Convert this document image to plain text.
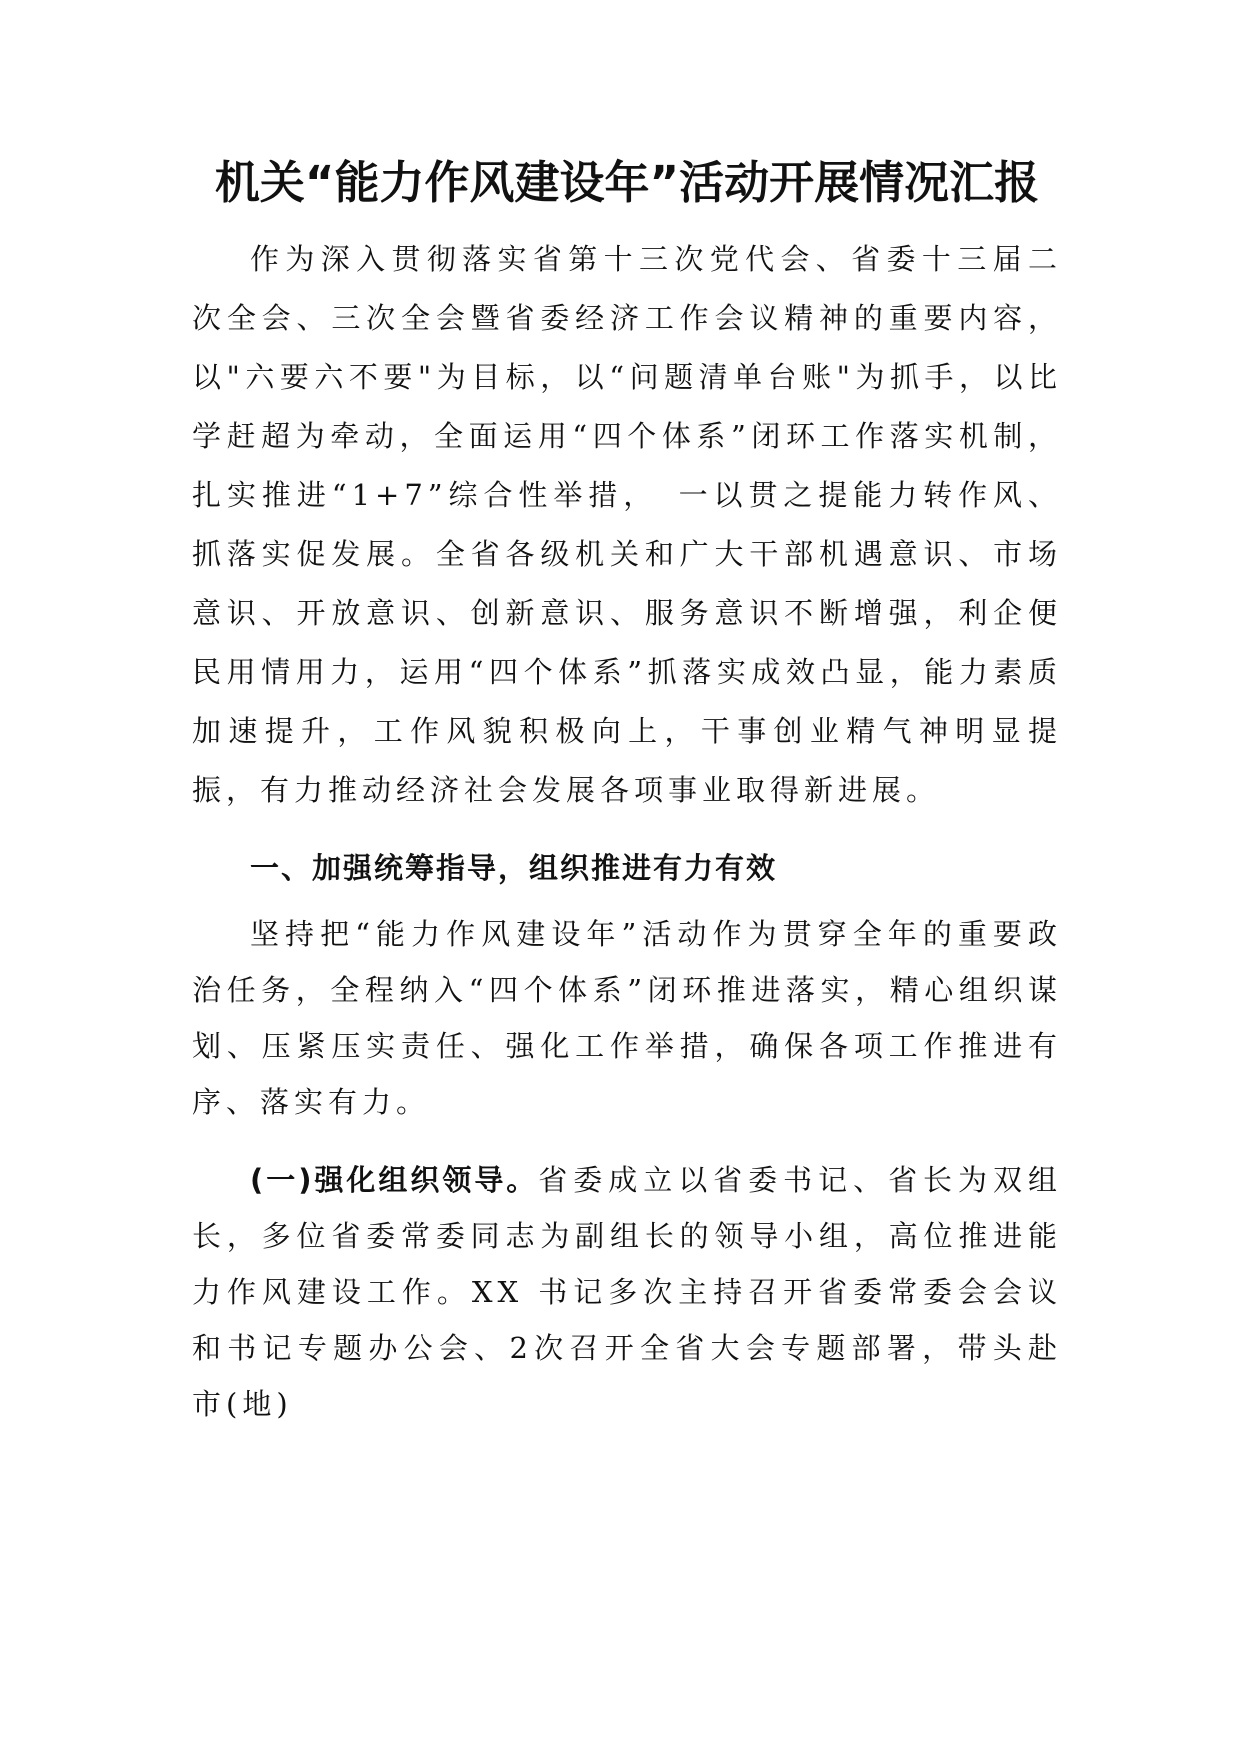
机关“能力作风建设年”活动开展情况汇报

作为深入贯彻落实省第十三次党代会、省委十三届二次全会、三次全会暨省委经济工作会议精神的重要内容，以"六要六不要"为目标，以“问题清单台账"为抓手，以比学赶超为牵动，全面运用“四个体系”闭环工作落实机制，扎实推进“1+7”综合性举措，　一以贯之提能力转作风、抓落实促发展。全省各级机关和广大干部机遇意识、市场意识、开放意识、创新意识、服务意识不断增强，利企便民用情用力，运用“四个体系”抓落实成效凸显，能力素质加速提升，工作风貌积极向上，干事创业精气神明显提振，有力推动经济社会发展各项事业取得新进展。

一、加强统筹指导，组织推进有力有效

坚持把“能力作风建设年”活动作为贯穿全年的重要政治任务，全程纳入“四个体系”闭环推进落实，精心组织谋划、压紧压实责任、强化工作举措，确保各项工作推进有序、落实有力。

(一)强化组织领导。省委成立以省委书记、省长为双组长，多位省委常委同志为副组长的领导小组，高位推进能力作风建设工作。XX 书记多次主持召开省委常委会会议和书记专题办公会、2次召开全省大会专题部署，带头赴市(地)
